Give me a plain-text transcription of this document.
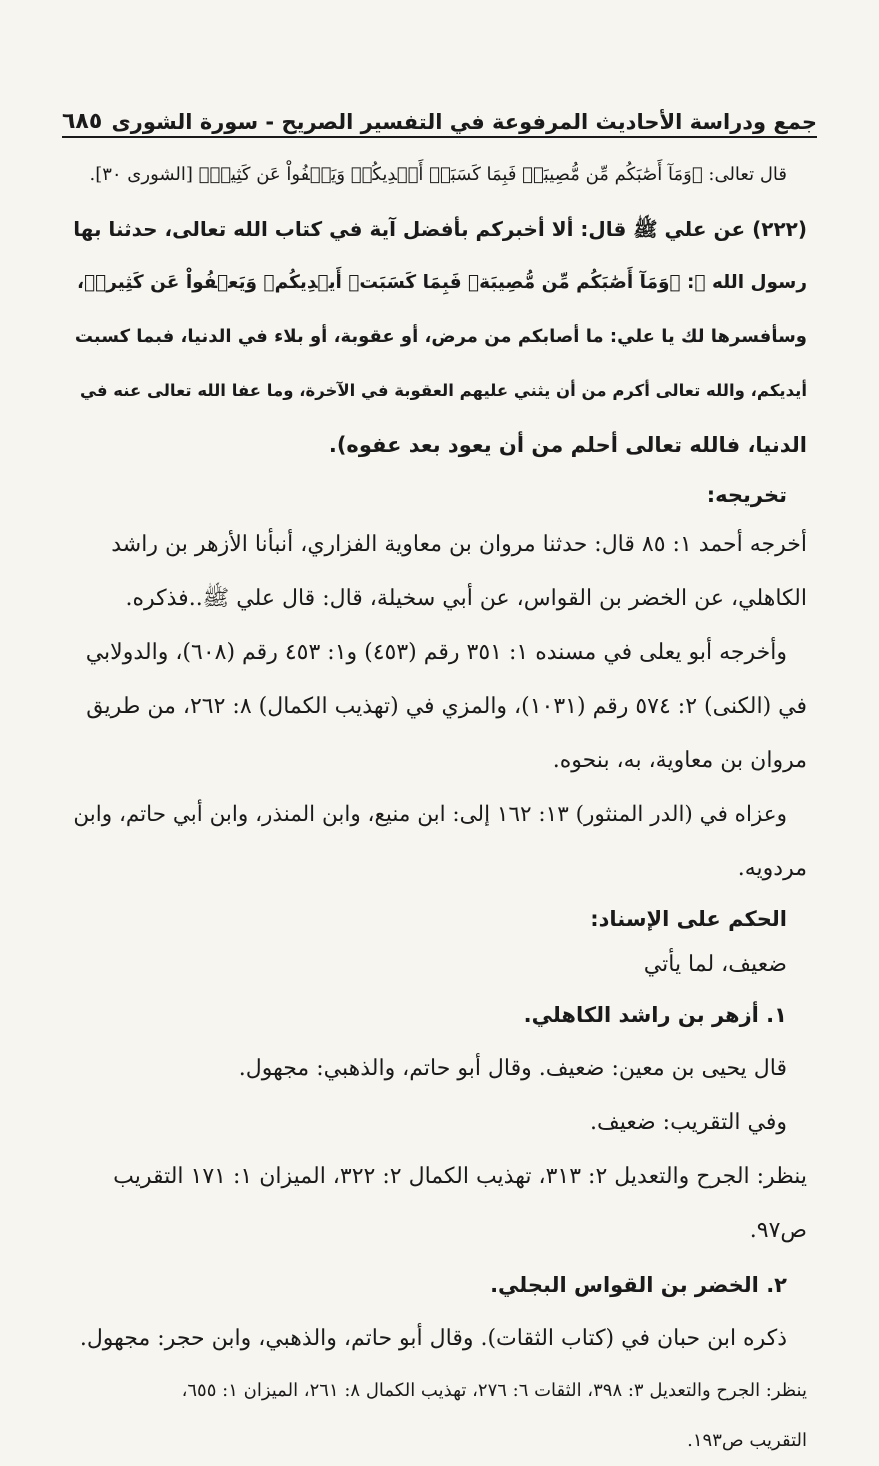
جمع ودراسة الأحاديث المرفوعة في التفسير الصريح - سورة الشورى
٦٨٥

قال تعالى: ﴿وَمَآ أَصَٰبَكُم مِّن مُّصِيبَةٖ فَبِمَا كَسَبَتۡ أَيۡدِيكُمۡ وَيَعۡفُواْ عَن كَثِيرٖ﴾ [الشورى ٣٠].

(٢٢٢) عن علي ﷺ قال: ألا أخبركم بأفضل آية في كتاب الله تعالى، حدثنا بها

رسول الله ﷺ: ﴿وَمَآ أَصَٰبَكُم مِّن مُّصِيبَةٖ فَبِمَا كَسَبَتۡ أَيۡدِيكُمۡ وَيَعۡفُواْ عَن كَثِيرٖ﴾،

وسأفسرها لك يا علي: ما أصابكم من مرض، أو عقوبة، أو بلاء في الدنيا، فبما كسبت

أيديكم، والله تعالى أكرم من أن يثني عليهم العقوبة في الآخرة، وما عفا الله تعالى عنه في

الدنيا، فالله تعالى أحلم من أن يعود بعد عفوه).

تخريجه:

أخرجه أحمد ١: ٨٥ قال: حدثنا مروان بن معاوية الفزاري، أنبأنا الأزهر بن راشد

الكاهلي، عن الخضر بن القواس، عن أبي سخيلة، قال: قال علي ﷺ..فذكره.

وأخرجه أبو يعلى في مسنده ١: ٣٥١ رقم (٤٥٣) و١: ٤٥٣ رقم (٦٠٨)، والدولابي

في (الكنى) ٢: ٥٧٤ رقم (١٠٣١)، والمزي في (تهذيب الكمال) ٨: ٢٦٢، من طريق

مروان بن معاوية، به، بنحوه.

وعزاه في (الدر المنثور) ١٣: ١٦٢ إلى: ابن منيع، وابن المنذر، وابن أبي حاتم، وابن

مردويه.

الحكم على الإسناد:

ضعيف، لما يأتي

١. أزهر بن راشد الكاهلي.

قال يحيى بن معين: ضعيف. وقال أبو حاتم، والذهبي: مجهول.

وفي التقريب: ضعيف.

ينظر: الجرح والتعديل ٢: ٣١٣، تهذيب الكمال ٢: ٣٢٢، الميزان ١: ١٧١ التقريب

ص٩٧.

٢. الخضر بن القواس البجلي.

ذكره ابن حبان في (كتاب الثقات). وقال أبو حاتم، والذهبي، وابن حجر: مجهول.

ينظر: الجرح والتعديل ٣: ٣٩٨، الثقات ٦: ٢٧٦، تهذيب الكمال ٨: ٢٦١، الميزان ١: ٦٥٥،

التقريب ص١٩٣.
